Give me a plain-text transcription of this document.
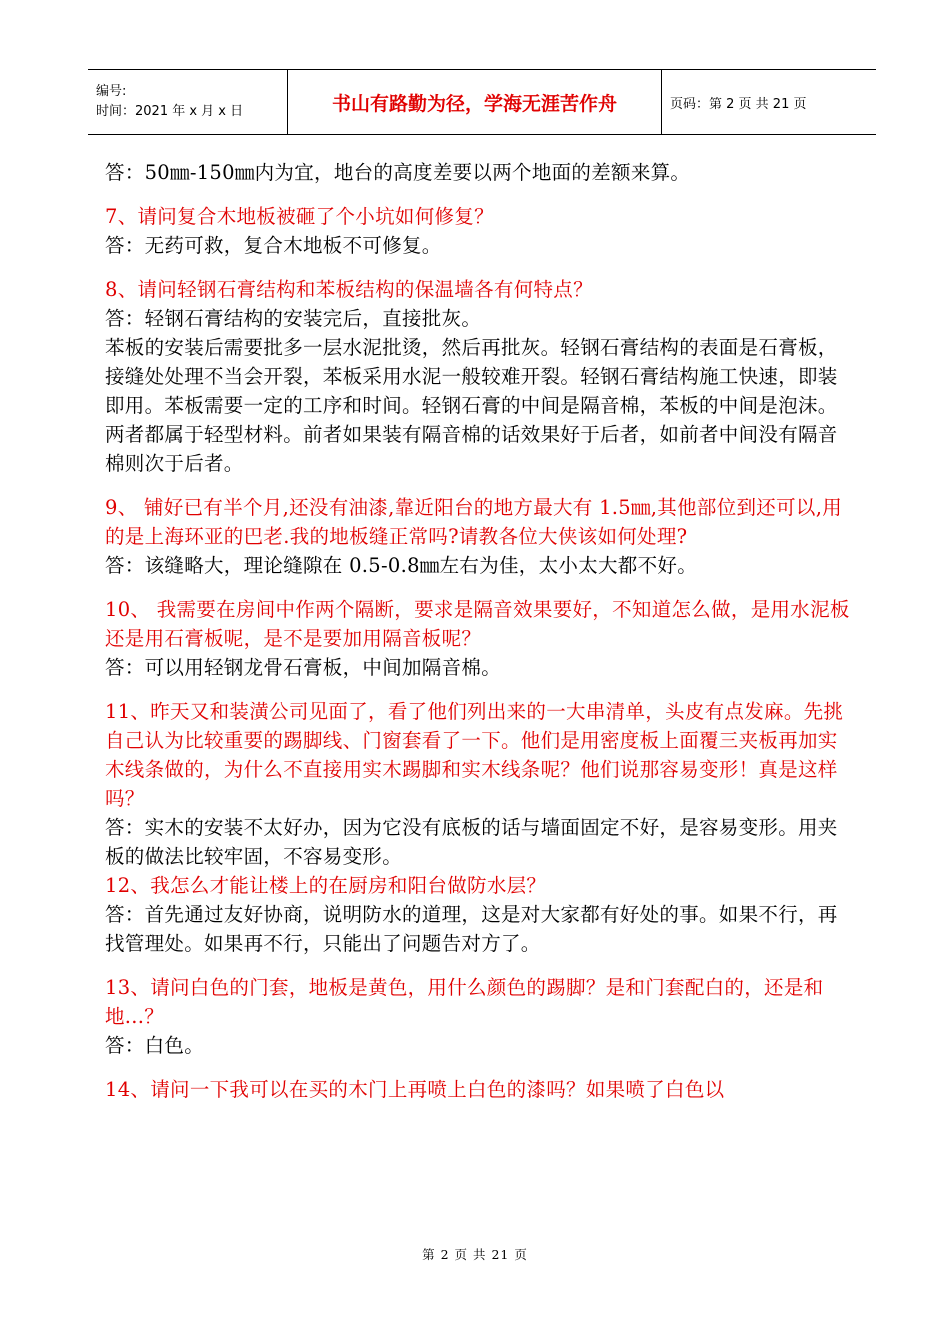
编号:
时间：2021 年 x 月 x 日	书山有路勤为径，学海无涯苦作舟	页码：第 2 页 共 21 页

答：50㎜-150㎜内为宜，地台的高度差要以两个地面的差额来算。

7、请问复合木地板被砸了个小坑如何修复？

答：无药可救，复合木地板不可修复。

8、请问轻钢石膏结构和苯板结构的保温墙各有何特点？

答：轻钢石膏结构的安装完后，直接批灰。

苯板的安装后需要批多一层水泥批烫，然后再批灰。轻钢石膏结构的表面是石膏板，接缝处处理不当会开裂，苯板采用水泥一般较难开裂。轻钢石膏结构施工快速，即装即用。苯板需要一定的工序和时间。轻钢石膏的中间是隔音棉，苯板的中间是泡沫。两者都属于轻型材料。前者如果装有隔音棉的话效果好于后者，如前者中间没有隔音棉则次于后者。

9、 铺好已有半个月,还没有油漆,靠近阳台的地方最大有 1.5㎜,其他部位到还可以,用的是上海环亚的巴老.我的地板缝正常吗?请教各位大侠该如何处理?

答：该缝略大，理论缝隙在 0.5-0.8㎜左右为佳，太小太大都不好。

10、 我需要在房间中作两个隔断，要求是隔音效果要好，不知道怎么做，是用水泥板还是用石膏板呢，是不是要加用隔音板呢？

答：可以用轻钢龙骨石膏板，中间加隔音棉。

11、昨天又和装潢公司见面了，看了他们列出来的一大串清单，头皮有点发麻。先挑自己认为比较重要的踢脚线、门窗套看了一下。他们是用密度板上面覆三夹板再加实木线条做的，为什么不直接用实木踢脚和实木线条呢？他们说那容易变形！真是这样吗？

答：实木的安装不太好办，因为它没有底板的话与墙面固定不好，是容易变形。用夹板的做法比较牢固，不容易变形。

12、我怎么才能让楼上的在厨房和阳台做防水层？

答：首先通过友好协商，说明防水的道理，这是对大家都有好处的事。如果不行，再找管理处。如果再不行，只能出了问题告对方了。

13、请问白色的门套，地板是黄色，用什么颜色的踢脚？是和门套配白的，还是和地...？

答：白色。

14、请问一下我可以在买的木门上再喷上白色的漆吗？如果喷了白色以

第 2 页 共 21 页
